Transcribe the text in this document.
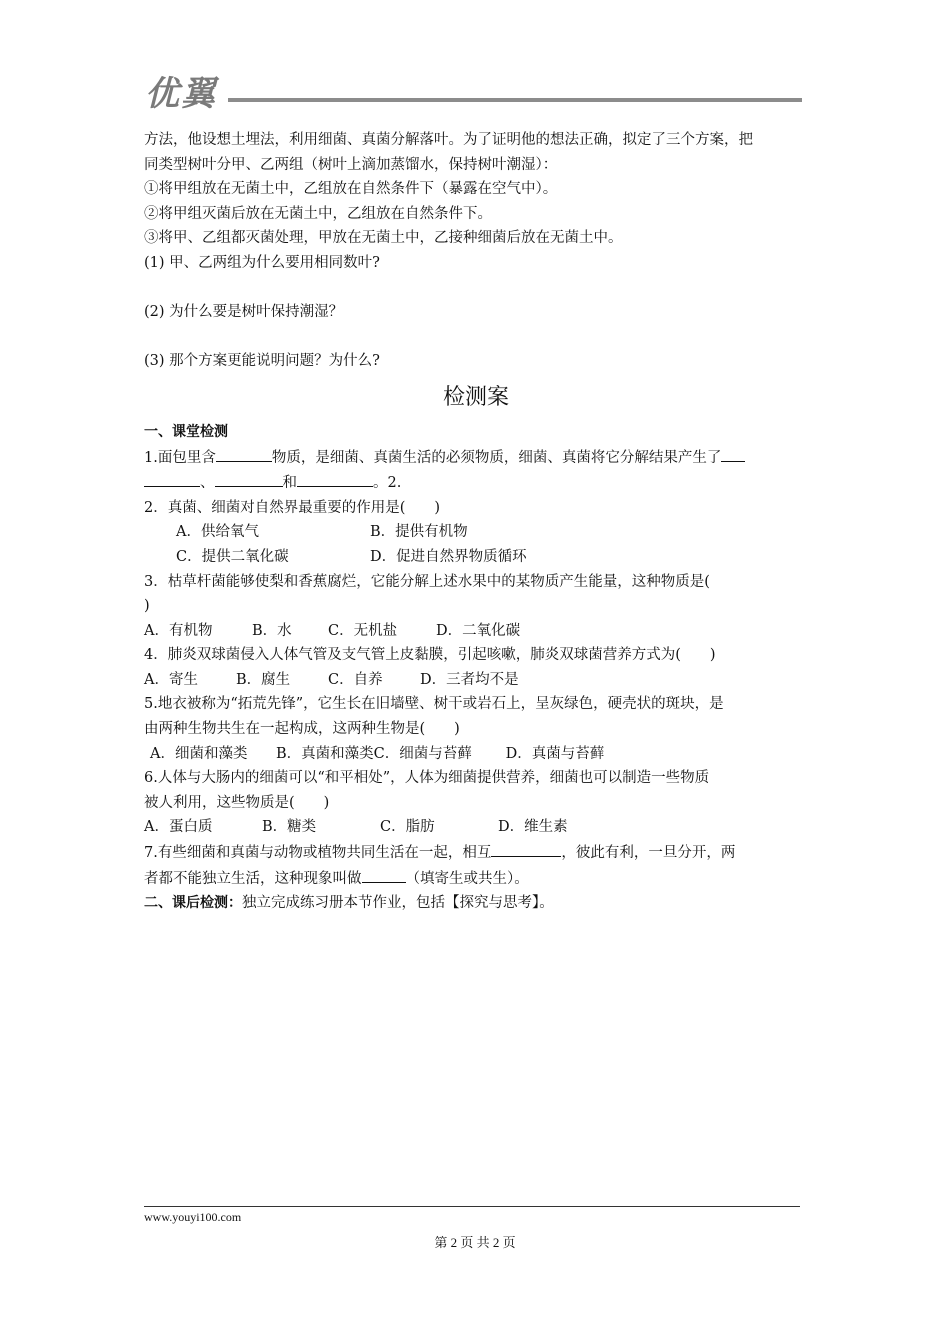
优翼
方法，他设想土埋法，利用细菌、真菌分解落叶。为了证明他的想法正确，拟定了三个方案，把
同类型树叶分甲、乙两组（树叶上滴加蒸馏水，保持树叶潮湿）：
①将甲组放在无菌土中，乙组放在自然条件下（暴露在空气中）。
②将甲组灭菌后放在无菌土中，乙组放在自然条件下。
③将甲、乙组都灭菌处理，甲放在无菌土中，乙接种细菌后放在无菌土中。
(1) 甲、乙两组为什么要用相同数叶?
(2) 为什么要是树叶保持潮湿？
(3) 那个方案更能说明问题？为什么?
检测案
一、课堂检测
1.面包里含	物质，是细菌、真菌生活的必须物质，细菌、真菌将它分解结果产生了
、	和	。2.
2．真菌、细菌对自然界最重要的作用是(　　)
A．供给氧气	B．提供有机物
C．提供二氧化碳	D．促进自然界物质循环
3．枯草杆菌能够使梨和香蕉腐烂，它能分解上述水果中的某物质产生能量，这种物质是(
)
A．有机物	B．水	C．无机盐	D．二氧化碳
4．肺炎双球菌侵入人体气管及支气管上皮黏膜，引起咳嗽，肺炎双球菌营养方式为(　　)
A．寄生	B．腐生	C．自养	D．三者均不是
5.地衣被称为“拓荒先锋”，它生长在旧墙壁、树干或岩石上，呈灰绿色，硬壳状的斑块，是
由两种生物共生在一起构成，这两种生物是(　　)
A．细菌和藻类 B．真菌和藻类C．细菌与苔藓 D．真菌与苔藓
6.人体与大肠内的细菌可以“和平相处”，人体为细菌提供营养，细菌也可以制造一些物质
被人利用，这些物质是(　　)
A．蛋白质	B．糖类	C．脂肪	D．维生素
7.有些细菌和真菌与动物或植物共同生活在一起，相互	，彼此有利，一旦分开，两
者都不能独立生活，这种现象叫做	（填寄生或共生）。
二、课后检测：独立完成练习册本节作业，包括【探究与思考】。
www.youyi100.com
第 2 页 共 2 页
